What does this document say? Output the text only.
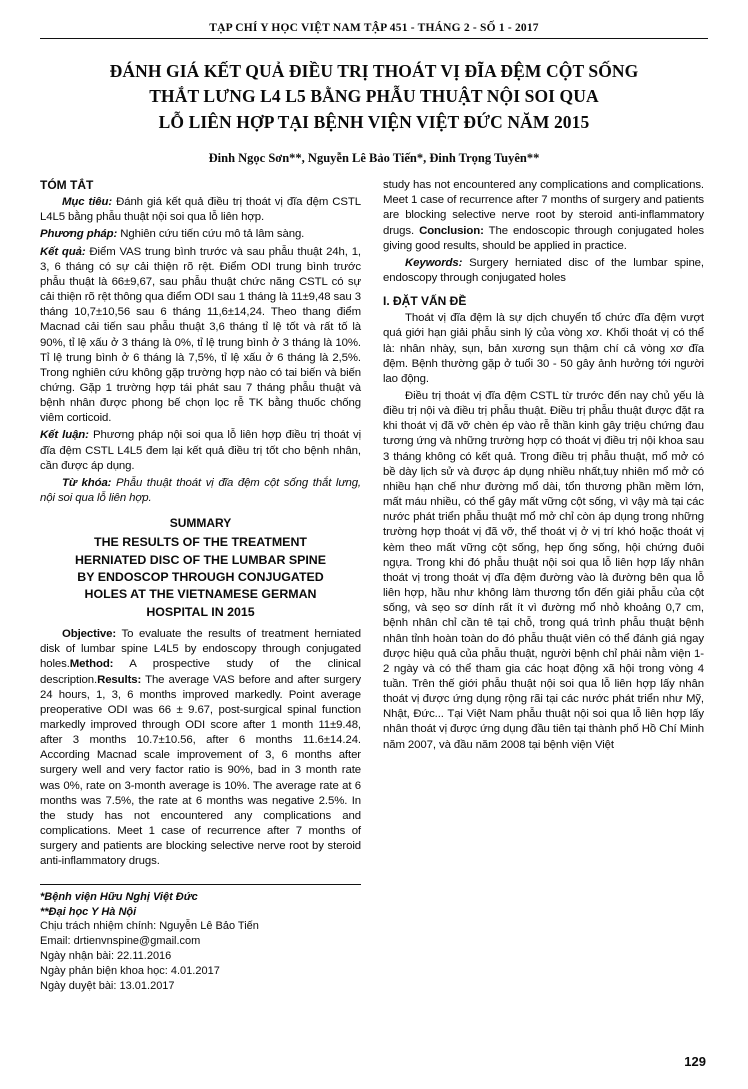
TẠP CHÍ Y HỌC VIỆT NAM TẬP 451 - THÁNG 2 - SỐ 1 - 2017
ĐÁNH GIÁ KẾT QUẢ ĐIỀU TRỊ THOÁT VỊ ĐĨA ĐỆM CỘT SỐNG
THẮT LƯNG L4 L5 BẰNG PHẪU THUẬT NỘI SOI QUA
LỖ LIÊN HỢP TẠI BỆNH VIỆN VIỆT ĐỨC NĂM 2015
Đinh Ngọc Sơn**, Nguyễn Lê Bảo Tiến*, Đinh Trọng Tuyên**
TÓM TẮT

Mục tiêu: Đánh giá kết quả điều trị thoát vị đĩa đệm CSTL L4L5 bằng phẫu thuật nội soi qua lỗ liên hợp.

Phương pháp: Nghiên cứu tiến cứu mô tả lâm sàng.

Kết quả: Điểm VAS trung bình trước và sau phẫu thuật 24h, 1, 3, 6 tháng có sự cải thiện rõ rệt. Điểm ODI trung bình trước phẫu thuật là 66±9,67, sau phẫu thuật chức năng CSTL có sự cải thiện rõ rệt thông qua điểm ODI sau 1 tháng là 11±9,48 sau 3 tháng 10,7±10,56 sau 6 tháng 11,6±14,24. Theo thang điểm Macnad cải tiến sau phẫu thuật 3,6 tháng tỉ lệ tốt và rất tố là 90%, tỉ lệ xấu ở 3 tháng là 0%, tỉ lệ trung bình ở 3 tháng là 10%. Tỉ lệ trung bình ở 6 tháng là 7,5%, tỉ lệ xấu ở 6 tháng là 2,5%. Trong nghiên cứu không gặp trường hợp nào có tai biến và biến chứng. Gặp 1 trường hợp tái phát sau 7 tháng phẫu thuật và bệnh nhân được phong bế chọn lọc rễ TK bằng thuốc chống viêm corticoid.

Kết luận: Phương pháp nội soi qua lỗ liên hợp điều trị thoát vị đĩa đệm CSTL L4L5 đem lại kết quả điều trị tốt cho bệnh nhân, cần được áp dụng.

Từ khóa: Phẫu thuật thoát vị đĩa đệm cột sống thắt lưng, nội soi qua lỗ liên hợp.

SUMMARY
THE RESULTS OF THE TREATMENT
HERNIATED DISC OF THE LUMBAR SPINE
BY ENDOSCOP THROUGH CONJUGATED
HOLES AT THE VIETNAMESE GERMAN
HOSPITAL IN 2015

Objective: To evaluate the results of treatment herniated disk of lumbar spine L4L5 by endoscopy through conjugated holes.Method: A prospective study of the clinical description.Results: The average VAS before and after surgery 24 hours, 1, 3, 6 months improved markedly. Point average preoperative ODI was 66 ± 9.67, post-surgical spinal function markedly improved through ODI score after 1 month 11±9.48, after 3 months 10.7±10.56, after 6 months 11.6±14.24. According Macnad scale improvement of 3, 6 months after surgery well and very factor ratio is 90%, bad in 3 month rate was 0%, rate on 3-month average is 10%. The average rate at 6 months was 7.5%, the rate at 6 months was negative 2.5%. In the study has not encountered any complications and complications. Meet 1 case of recurrence after 7 months of surgery and patients are blocking selective nerve root by steroid anti-inflammatory drugs.

*Bệnh viện Hữu Nghị Việt Đức
**Đại học Y Hà Nội
Chịu trách nhiệm chính: Nguyễn Lê Bảo Tiến
Email: drtienvnspine@gmail.com
Ngày nhận bài: 22.11.2016
Ngày phản biện khoa học: 4.01.2017
Ngày duyệt bài: 13.01.2017

study has not encountered any complications and complications. Meet 1 case of recurrence after 7 months of surgery and patients are blocking selective nerve root by steroid anti-inflammatory drugs. Conclusion: The endoscopic through conjugated holes giving good results, should be applied in practice.

Keywords: Surgery herniated disc of the lumbar spine, endoscopy through conjugated holes

I. ĐẶT VẤN ĐỀ

Thoát vị đĩa đệm là sự dịch chuyển tổ chức đĩa đệm vượt quá giới hạn giải phẫu sinh lý của vòng xơ. Khối thoát vị có thể là: nhân nhày, sụn, bản xương sụn thậm chí cả vòng xơ đĩa đệm. Bệnh thường gặp ở tuổi 30 - 50 gây ảnh hưởng tới người lao động.

Điều trị thoát vị đĩa đệm CSTL từ trước đến nay chủ yếu là điều trị nội và điều trị phẫu thuật. Điều trị phẫu thuật được đặt ra khi thoát vị đã vỡ chèn ép vào rễ thần kinh gây triệu chứng đau tương ứng và những trường hợp có thoát vị điều trị nội khoa sau 3 tháng không có kết quả. Trong điều trị phẫu thuật, mổ mở có bề dày lịch sử và được áp dụng nhiều nhất,tuy nhiên mổ mở có nhiều hạn chế như đường mổ dài, tổn thương phần mềm lớn, mất máu nhiều, có thể gây mất vững cột sống, vì vậy mà tại các nước phát triển phẫu thuật mổ mở chỉ còn áp dụng trong những trường hợp thoát vị đã vỡ, thể thoát vị ở vị trí khó hoặc thoát vị kèm theo mất vững cột sống, hẹp ống sống, hội chứng đuôi ngựa. Trong khi đó phẫu thuật nội soi qua lỗ liên hợp lấy nhân thoát vị trong thoát vị đĩa đệm đường vào là đường bên qua lỗ liên hợp, hầu như không làm thương tổn đến giải phẫu của cột sống, và sẹo sơ dính rất ít vì đường mổ nhỏ khoảng 0,7 cm, bệnh nhân chỉ cần tê tại chỗ, trong quá trình phẫu thuật bệnh nhân tỉnh hoàn toàn do đó phẫu thuật viên có thể đánh giá ngay được hiệu quả của phẫu thuật, người bệnh chỉ phải nằm viện 1-2 ngày và có thể tham gia các hoạt động xã hội trong vòng 4 tuần. Trên thế giới phẫu thuật nội soi qua lỗ liên hợp lấy nhân thoát vị được ứng dụng rộng rãi tại các nước phát triển như Mỹ, Nhật, Đức... Tại Việt Nam phẫu thuật nội soi qua lỗ liên hợp lấy nhân thoát vị được ứng dụng đầu tiên tại thành phố Hồ Chí Minh năm 2007, và đầu năm 2008 tại bệnh viện Việt

129
